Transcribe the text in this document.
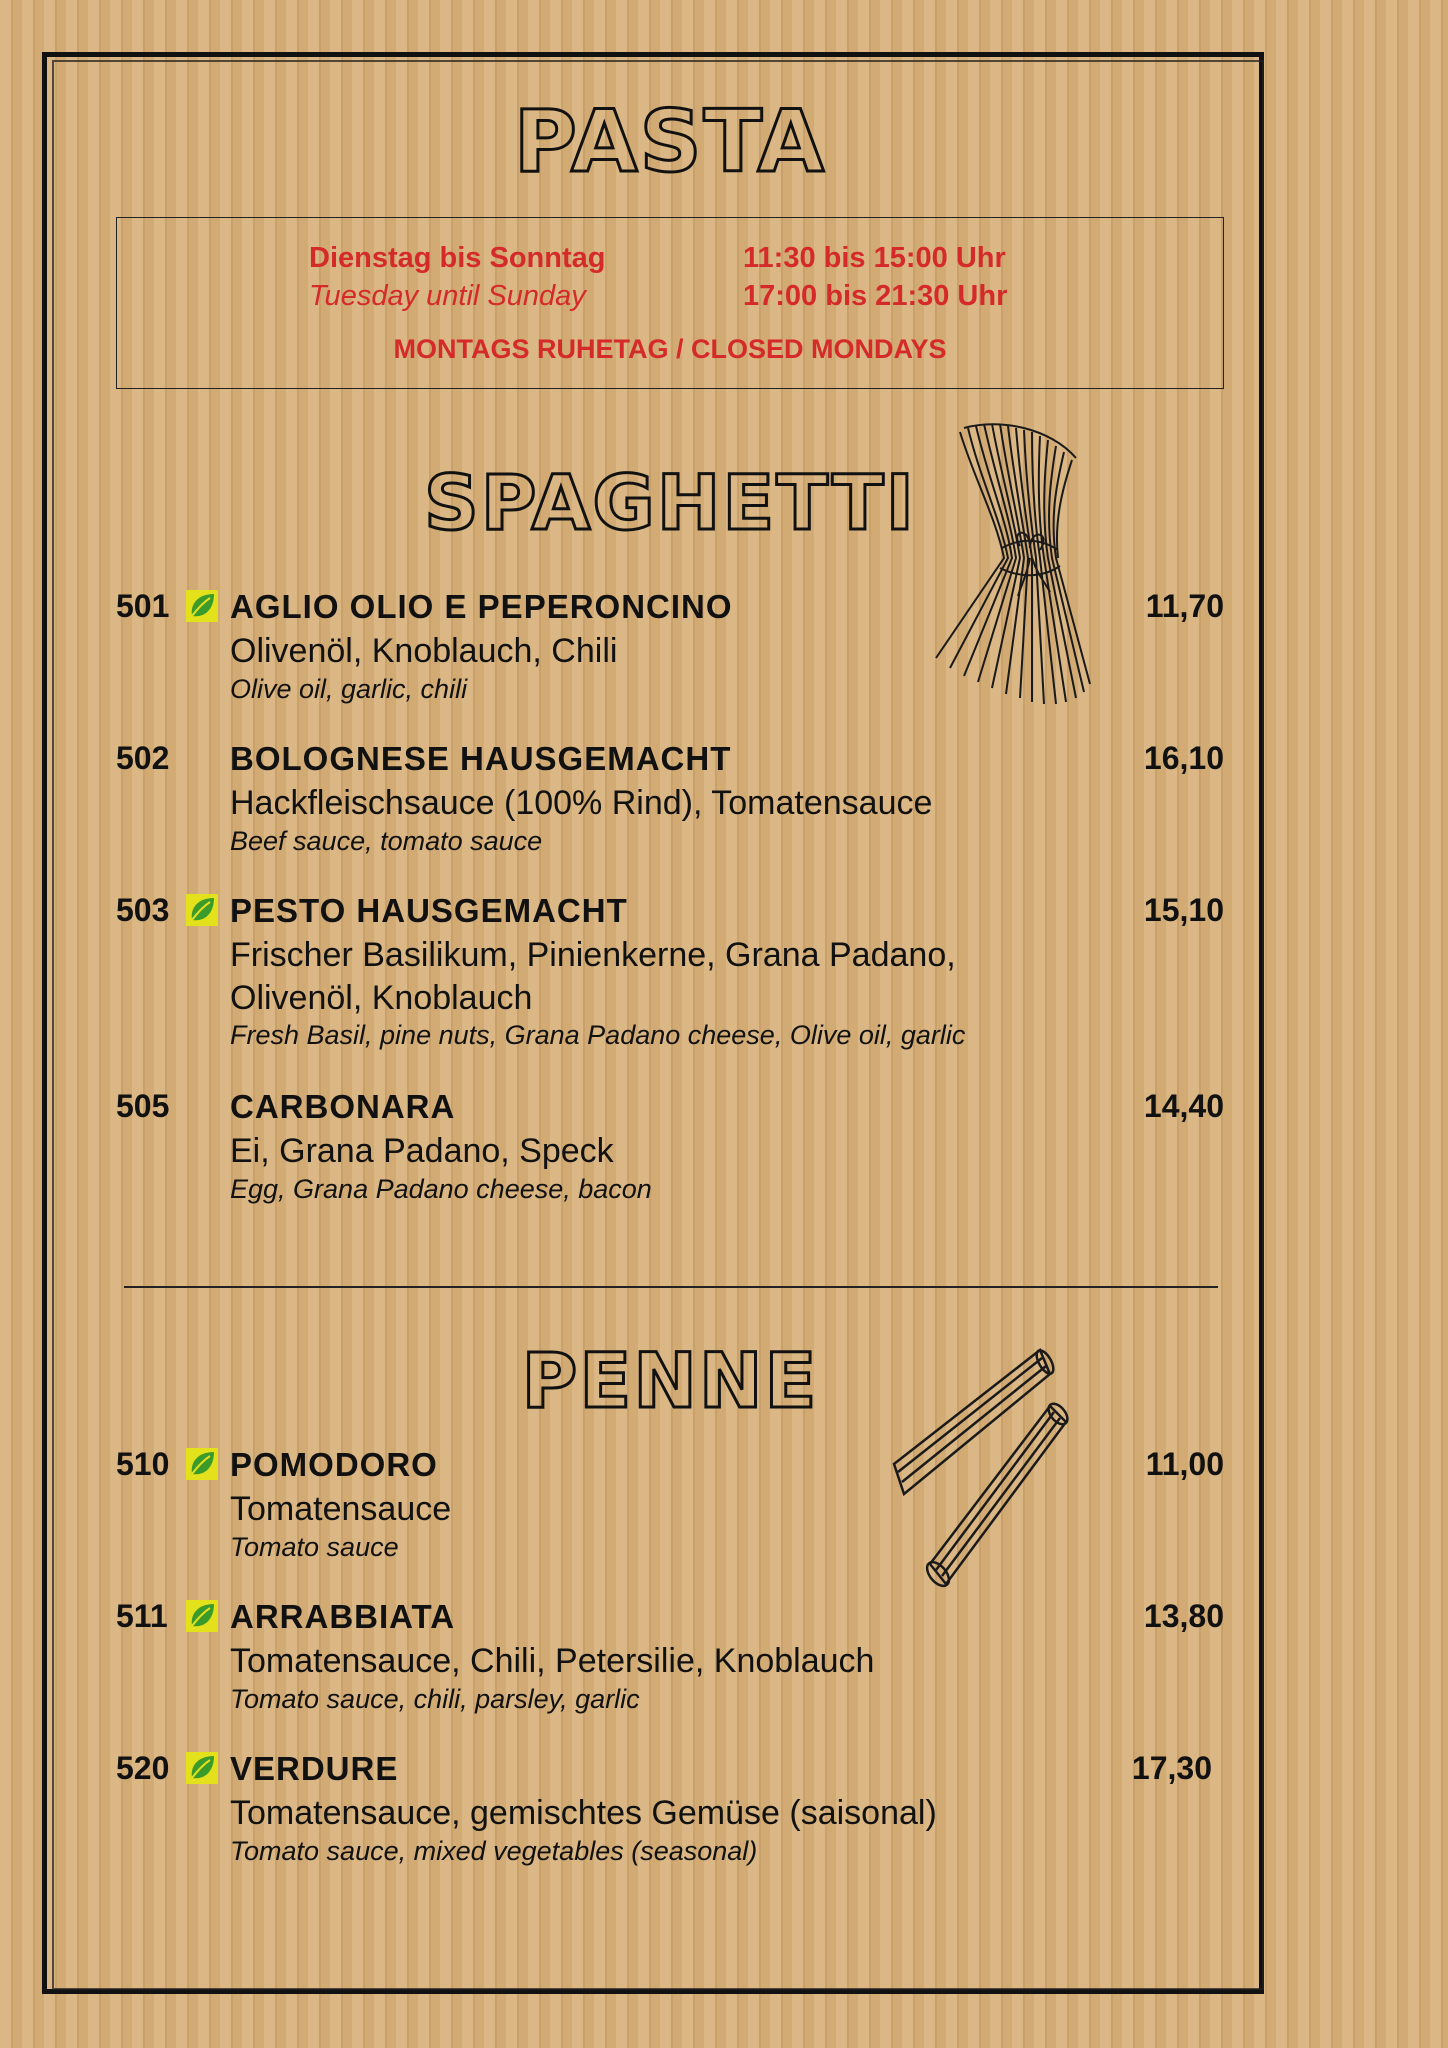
PASTA
Dienstag bis Sonntag
Tuesday until Sunday
11:30 bis 15:00 Uhr
17:00 bis 21:30 Uhr
MONTAGS RUHETAG / CLOSED MONDAYS
SPAGHETTI
501 AGLIO OLIO E PEPERONCINO	11,70
Olivenöl, Knoblauch, Chili
Olive oil, garlic, chili
502 BOLOGNESE HAUSGEMACHT	16,10
Hackfleischsauce (100% Rind), Tomatensauce
Beef sauce, tomato sauce
503 PESTO HAUSGEMACHT	15,10
Frischer Basilikum, Pinienkerne, Grana Padano, Olivenöl, Knoblauch
Fresh Basil, pine nuts, Grana Padano cheese, Olive oil, garlic
505 CARBONARA	14,40
Ei, Grana Padano, Speck
Egg, Grana Padano cheese, bacon
PENNE
510 POMODORO	11,00
Tomatensauce
Tomato sauce
511 ARRABBIATA	13,80
Tomatensauce, Chili, Petersilie, Knoblauch
Tomato sauce, chili, parsley, garlic
520 VERDURE	17,30
Tomatensauce, gemischtes Gemüse (saisonal)
Tomato sauce, mixed vegetables (seasonal)
